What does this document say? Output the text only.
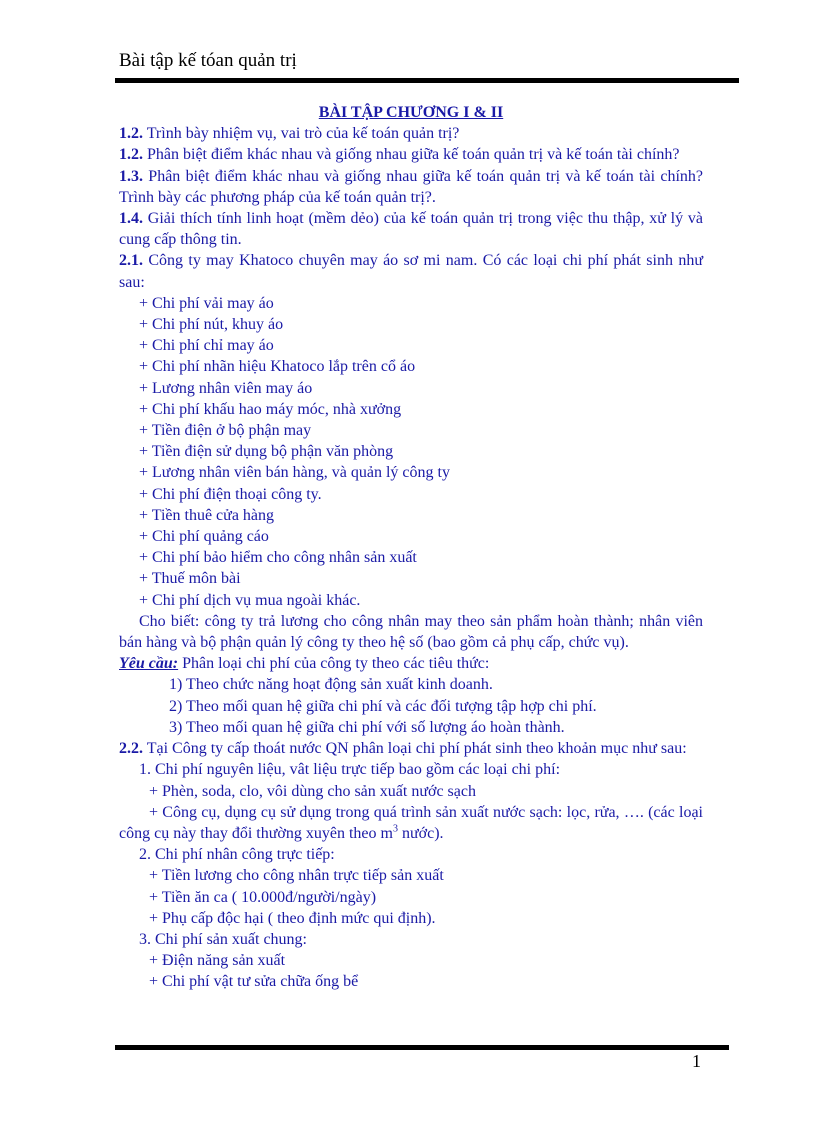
Bài tập kế tóan quản trị
BÀI TẬP CHƯƠNG I & II

1.2. Trình bày nhiệm vụ, vai trò của kế toán quản trị?

1.2. Phân biệt điểm khác nhau và giống nhau giữa kế toán quản trị và kế toán tài chính?

1.3. Phân biệt điểm khác nhau và giống nhau giữa kế toán quản trị và kế toán tài chính?Trình bày các phương pháp của kế toán quản trị?.

1.4. Giải thích tính linh hoạt (mềm dẻo) của kế toán quản trị trong việc thu thập, xử lý và cung cấp thông tin.

2.1. Công ty may Khatoco chuyên may áo sơ mi nam. Có các loại chi phí phát sinh như sau:

+ Chi phí vải may áo
+ Chi phí nút, khuy áo
+ Chi phí chỉ may áo
+ Chi phí nhãn hiệu Khatoco lắp trên cổ áo
+ Lương nhân viên may áo
+ Chi phí khấu hao máy móc, nhà xưởng
+ Tiền điện ở bộ phận may
+ Tiền điện sử dụng bộ phận văn phòng
+ Lương nhân viên bán hàng, và quản lý công ty
+ Chi phí điện thoại công ty.
+ Tiền thuê cửa hàng
+ Chi phí quảng cáo
+ Chi phí bảo hiểm cho công nhân sản xuất
+ Thuế môn bài
+ Chi phí dịch vụ mua ngoài khác.

Cho biết: công ty trả lương cho công nhân may theo sản phẩm hoàn thành; nhân viên bán hàng và bộ phận quản lý công ty theo hệ số (bao gồm cả phụ cấp, chức vụ).

Yêu cầu: Phân loại chi phí của công ty theo các tiêu thức:

1) Theo chức năng hoạt động sản xuất kinh doanh.
2) Theo mối quan hệ giữa chi phí và các đối tượng tập hợp chi phí.
3) Theo mối quan hệ giữa chi phí với số lượng áo hoàn thành.

2.2. Tại Công ty cấp thoát nước QN phân loại chi phí phát sinh theo khoản mục như sau:

1. Chi phí nguyên liệu, vât liệu trực tiếp bao gồm các loại chi phí:
+ Phèn, soda, clo, vôi dùng cho sản xuất nước sạch

+ Công cụ, dụng cụ sử dụng trong quá trình sản xuất nước sạch: lọc, rửa, …. (các loại công cụ này thay đổi thường xuyên theo $m^3$ nước).

2. Chi phí nhân công trực tiếp:
+ Tiền lương cho công nhân trực tiếp sản xuất
+ Tiền ăn ca ( 10.000đ/người/ngày)
+ Phụ cấp độc hại ( theo định mức qui định).
3. Chi phí sản xuất chung:
+ Điện năng sản xuất
+ Chi phí vật tư sửa chữa ống bể
1
